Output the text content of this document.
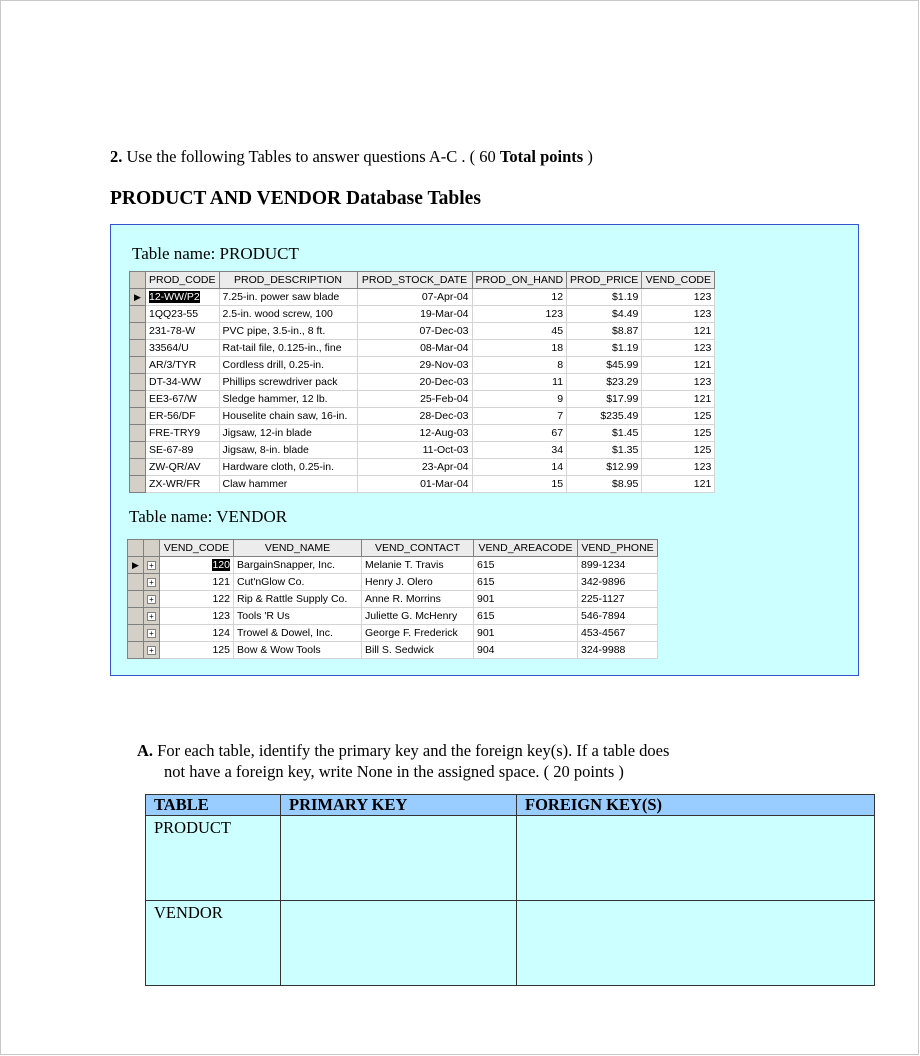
2. Use the following Tables to answer questions A-C . ( 60 Total points )
PRODUCT AND VENDOR Database Tables
Table name: PRODUCT
	PROD_CODE	PROD_DESCRIPTION	PROD_STOCK_DATE	PROD_ON_HAND	PROD_PRICE	VEND_CODE
▶	12-WW/P2	7.25-in. power saw blade	07-Apr-04	12	$1.19	123
	1QQ23-55	2.5-in. wood screw, 100	19-Mar-04	123	$4.49	123
	231-78-W	PVC pipe, 3.5-in., 8 ft.	07-Dec-03	45	$8.87	121
	33564/U	Rat-tail file, 0.125-in., fine	08-Mar-04	18	$1.19	123
	AR/3/TYR	Cordless drill, 0.25-in.	29-Nov-03	8	$45.99	121
	DT-34-WW	Phillips screwdriver pack	20-Dec-03	11	$23.29	123
	EE3-67/W	Sledge hammer, 12 lb.	25-Feb-04	9	$17.99	121
	ER-56/DF	Houselite chain saw, 16-in.	28-Dec-03	7	$235.49	125
	FRE-TRY9	Jigsaw, 12-in blade	12-Aug-03	67	$1.45	125
	SE-67-89	Jigsaw, 8-in. blade	11-Oct-03	34	$1.35	125
	ZW-QR/AV	Hardware cloth, 0.25-in.	23-Apr-04	14	$12.99	123
	ZX-WR/FR	Claw hammer	01-Mar-04	15	$8.95	121
Table name: VENDOR
		VEND_CODE	VEND_NAME	VEND_CONTACT	VEND_AREACODE	VEND_PHONE
▶	+	120	BargainSnapper, Inc.	Melanie T. Travis	615	899-1234
	+	121	Cut'nGlow Co.	Henry J. Olero	615	342-9896
	+	122	Rip & Rattle Supply Co.	Anne R. Morrins	901	225-1127
	+	123	Tools 'R Us	Juliette G. McHenry	615	546-7894
	+	124	Trowel & Dowel, Inc.	George F. Frederick	901	453-4567
	+	125	Bow & Wow Tools	Bill S. Sedwick	904	324-9988
A. For each table, identify the primary key and the foreign key(s). If a table does
not have a foreign key, write None in the assigned space. ( 20 points )
TABLE	PRIMARY KEY	FOREIGN KEY(S)
PRODUCT		
VENDOR		
